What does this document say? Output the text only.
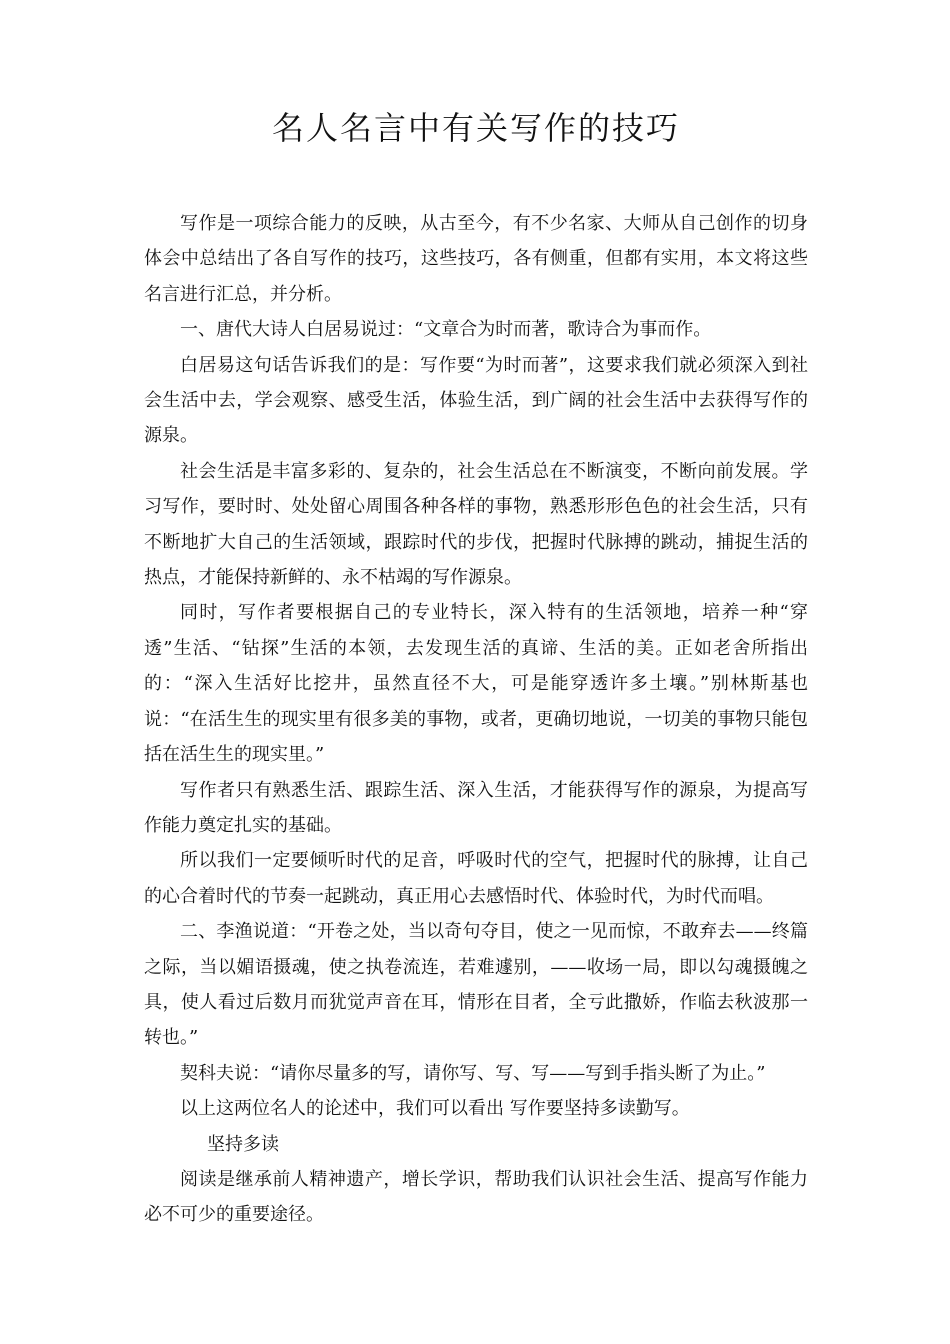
名人名言中有关写作的技巧

写作是一项综合能力的反映，从古至今，有不少名家、大师从自己创作的切身体会中总结出了各自写作的技巧，这些技巧，各有侧重，但都有实用，本文将这些名言进行汇总，并分析。

一、唐代大诗人白居易说过：“文章合为时而著，歌诗合为事而作。

白居易这句话告诉我们的是：写作要“为时而著”，这要求我们就必须深入到社会生活中去，学会观察、感受生活，体验生活，到广阔的社会生活中去获得写作的源泉。

社会生活是丰富多彩的、复杂的，社会生活总在不断演变，不断向前发展。学习写作，要时时、处处留心周围各种各样的事物，熟悉形形色色的社会生活，只有不断地扩大自己的生活领域，跟踪时代的步伐，把握时代脉搏的跳动，捕捉生活的热点，才能保持新鲜的、永不枯竭的写作源泉。

同时，写作者要根据自己的专业特长，深入特有的生活领地，培养一种“穿透”生活、“钻探”生活的本领，去发现生活的真谛、生活的美。正如老舍所指出的：“深入生活好比挖井，虽然直径不大，可是能穿透许多土壤。”别林斯基也说：“在活生生的现实里有很多美的事物，或者，更确切地说，一切美的事物只能包括在活生生的现实里。”

写作者只有熟悉生活、跟踪生活、深入生活，才能获得写作的源泉，为提高写作能力奠定扎实的基础。

所以我们一定要倾听时代的足音，呼吸时代的空气，把握时代的脉搏，让自己的心合着时代的节奏一起跳动，真正用心去感悟时代、体验时代，为时代而唱。

二、李渔说道：“开卷之处，当以奇句夺目，使之一见而惊，不敢弃去——终篇之际，当以媚语摄魂，使之执卷流连，若难遽别，——收场一局，即以勾魂摄魄之具，使人看过后数月而犹觉声音在耳，情形在目者，全亏此撒娇，作临去秋波那一转也。”

契科夫说：“请你尽量多的写，请你写、写、写——写到手指头断了为止。”

以上这两位名人的论述中，我们可以看出 写作要坚持多读勤写。

坚持多读

阅读是继承前人精神遗产，增长学识，帮助我们认识社会生活、提高写作能力必不可少的重要途径。
